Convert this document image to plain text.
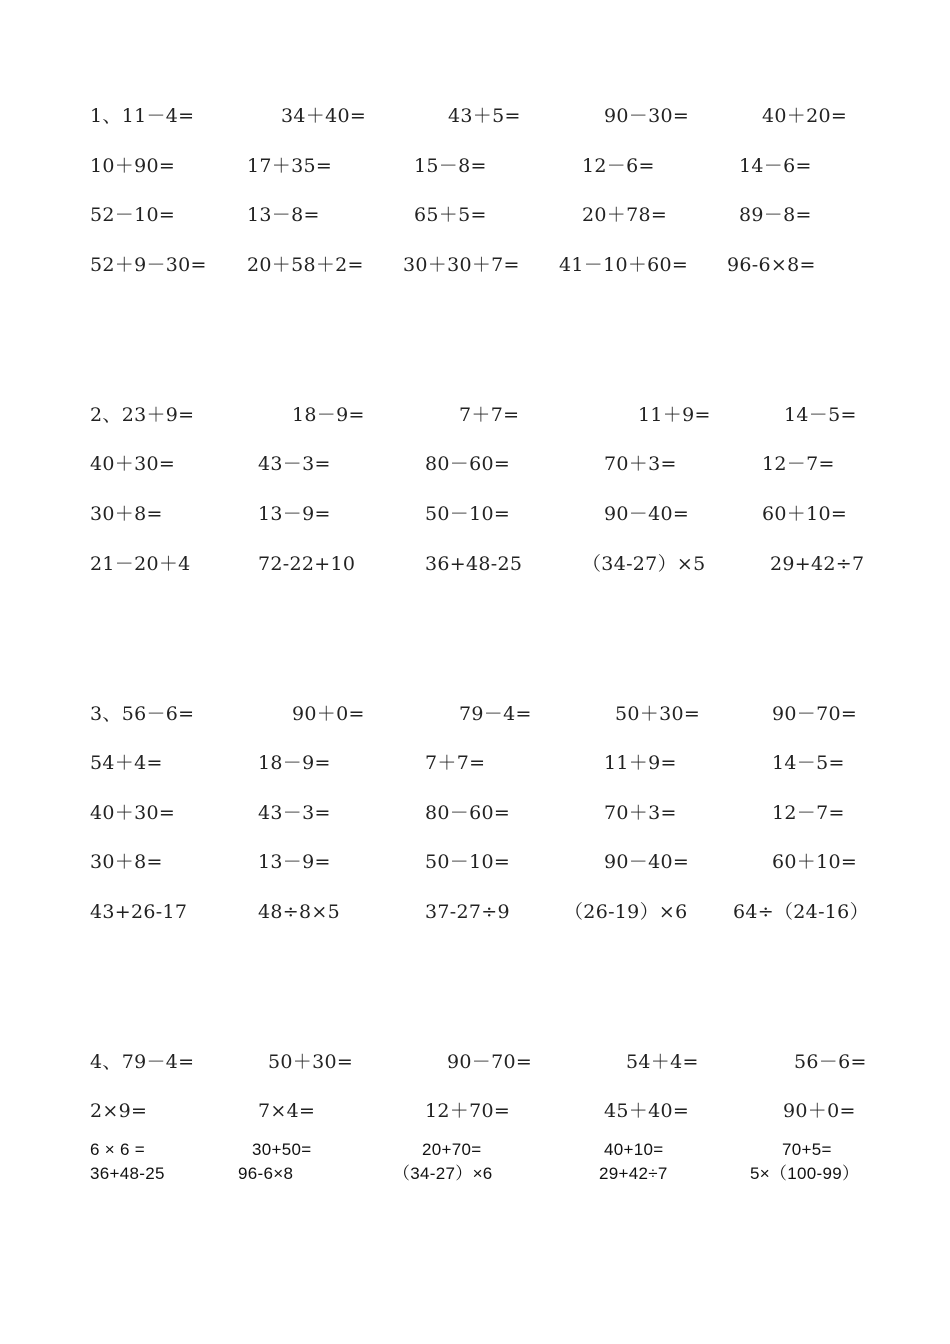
1、11－4=	34＋40=	43＋5=	90－30=	40＋20=
10＋90=	17＋35=	15－8=	12－6=	14－6=
52－10=	13－8=	65＋5=	20＋78=	89－8=
52＋9－30= 20＋58＋2= 30＋30＋7= 41－10＋60= 96-6×8=
2、23＋9=	18－9=	7＋7=	11＋9=	14－5=
40＋30=	43－3=	80－60=	70＋3=	12－7=
30＋8=	13－9=	50－10=	90－40=	60＋10=
21－20＋4	72-22+10	36+48-25	（34-27）×5	29+42÷7
3、56－6=	90＋0=	79－4=	50＋30=	90－70=
54＋4=	18－9=	7＋7=	11＋9=	14－5=
40＋30=	43－3=	80－60=	70＋3=	12－7=
30＋8=	13－9=	50－10=	90－40=	60＋10=
43+26-17	48÷8×5	37-27÷9	（26-19）×6 64÷（24-16）
4、79－4=	50＋30=	90－70=	54＋4=	56－6=
2×9=	7×4=	12＋70=	45＋40=	90＋0=
6 × 6 =	30+50=	20+70=	40+10=	70+5=
36+48-25	96-6×8	（34-27）×6	29+42÷7	5×（100-99）
